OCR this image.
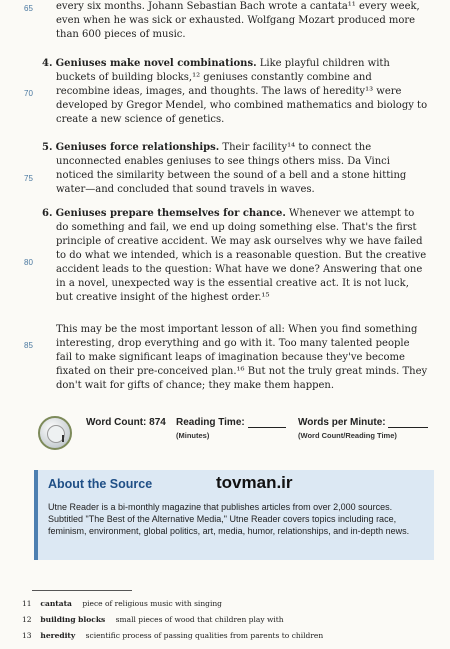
65
70
75
80
85

every six months. Johann Sebastian Bach wrote a cantata¹¹ every week, even when he was sick or exhausted. Wolfgang Mozart produced more than 600 pieces of music.

4. Geniuses make novel combinations. Like playful children with buckets of building blocks,¹² geniuses constantly combine and recombine ideas, images, and thoughts. The laws of heredity¹³ were developed by Gregor Mendel, who combined mathematics and biology to create a new science of genetics.

5. Geniuses force relationships. Their facility¹⁴ to connect the unconnected enables geniuses to see things others miss. Da Vinci noticed the similarity between the sound of a bell and a stone hitting water—and concluded that sound travels in waves.

6. Geniuses prepare themselves for chance. Whenever we attempt to do something and fail, we end up doing something else. That's the first principle of creative accident. We may ask ourselves why we have failed to do what we intended, which is a reasonable question. But the creative accident leads to the question: What have we done? Answering that one in a novel, unexpected way is the essential creative act. It is not luck, but creative insight of the highest order.¹⁵

This may be the most important lesson of all: When you find something interesting, drop everything and go with it. Too many talented people fail to make significant leaps of imagination because they've become fixated on their pre-conceived plan.¹⁶ But not the truly great minds. They don't wait for gifts of chance; they make them happen.

Word Count: 874 Reading Time:
(Minutes)
Words per Minute:
(Word Count/Reading Time)
About the Source	tovman.ir

Utne Reader is a bi-monthly magazine that publishes articles from over 2,000 sources. Subtitled "The Best of the Alternative Media," Utne Reader covers topics including race, feminism, environment, global politics, art, media, humor, relationships, and in-depth news.

11 cantata piece of religious music with singing
12 building blocks small pieces of wood that children play with
13 heredity scientific process of passing qualities from parents to children
